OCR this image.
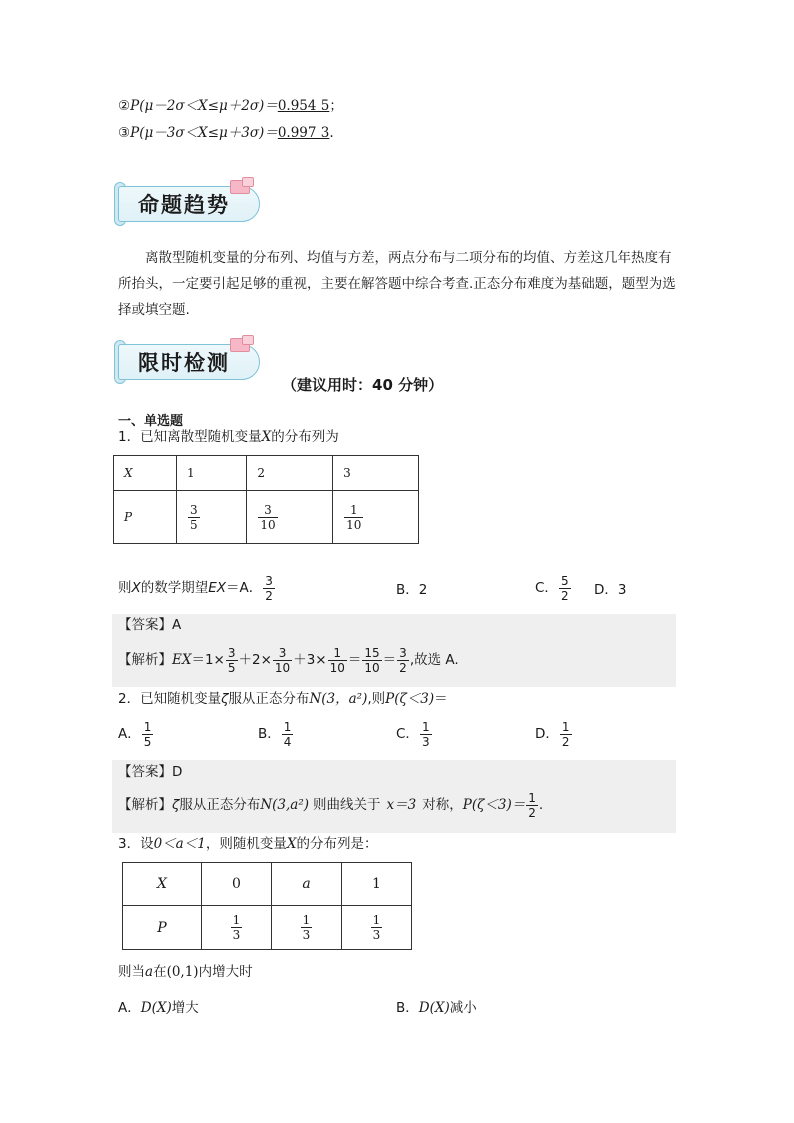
②P(μ－2σ＜X≤μ＋2σ)＝0.954 5；
③P(μ－3σ＜X≤μ＋3σ)＝0.997 3.
命题趋势
离散型随机变量的分布列、均值与方差，两点分布与二项分布的均值、方差这几年热度有所抬头，一定要引起足够的重视，主要在解答题中综合考查.正态分布难度为基础题，题型为选择或填空题.
限时检测
（建议用时：40 分钟）
一、单选题
1．已知离散型随机变量X的分布列为
X	1	2	3
P	$\frac{3}{5}$	$\frac{3}{10}$	$\frac{1}{10}$
则X的数学期望EX＝A． $\frac{3}{2}$	B．2	C． $\frac{5}{2}$ D．3
【答案】A
【解析】$EX=1\times \frac{3}{5} +2\times \frac{3}{10} +3\times \frac{1}{10} = \frac{15}{10} = \frac{3}{2}$ ,故选 A.
2．已知随机变量ζ服从正态分布N(3，a²),则P(ζ＜3)＝
A． $\frac{1}{5}$	B． $\frac{1}{4}$	C． $\frac{1}{3}$	D． $\frac{1}{2}$
【答案】D
【解析】ζ服从正态分布N(3,a²) 则曲线关于 x＝3 对称，$P(\zeta<3)= \frac{1}{2}$ .
3．设0＜a＜1，则随机变量X的分布列是：
X	0	a	1
P	$\frac{1}{3}$	$\frac{1}{3}$	$\frac{1}{3}$
则当a在(0,1)内增大时
A．D(X)增大	B．D(X)减小
